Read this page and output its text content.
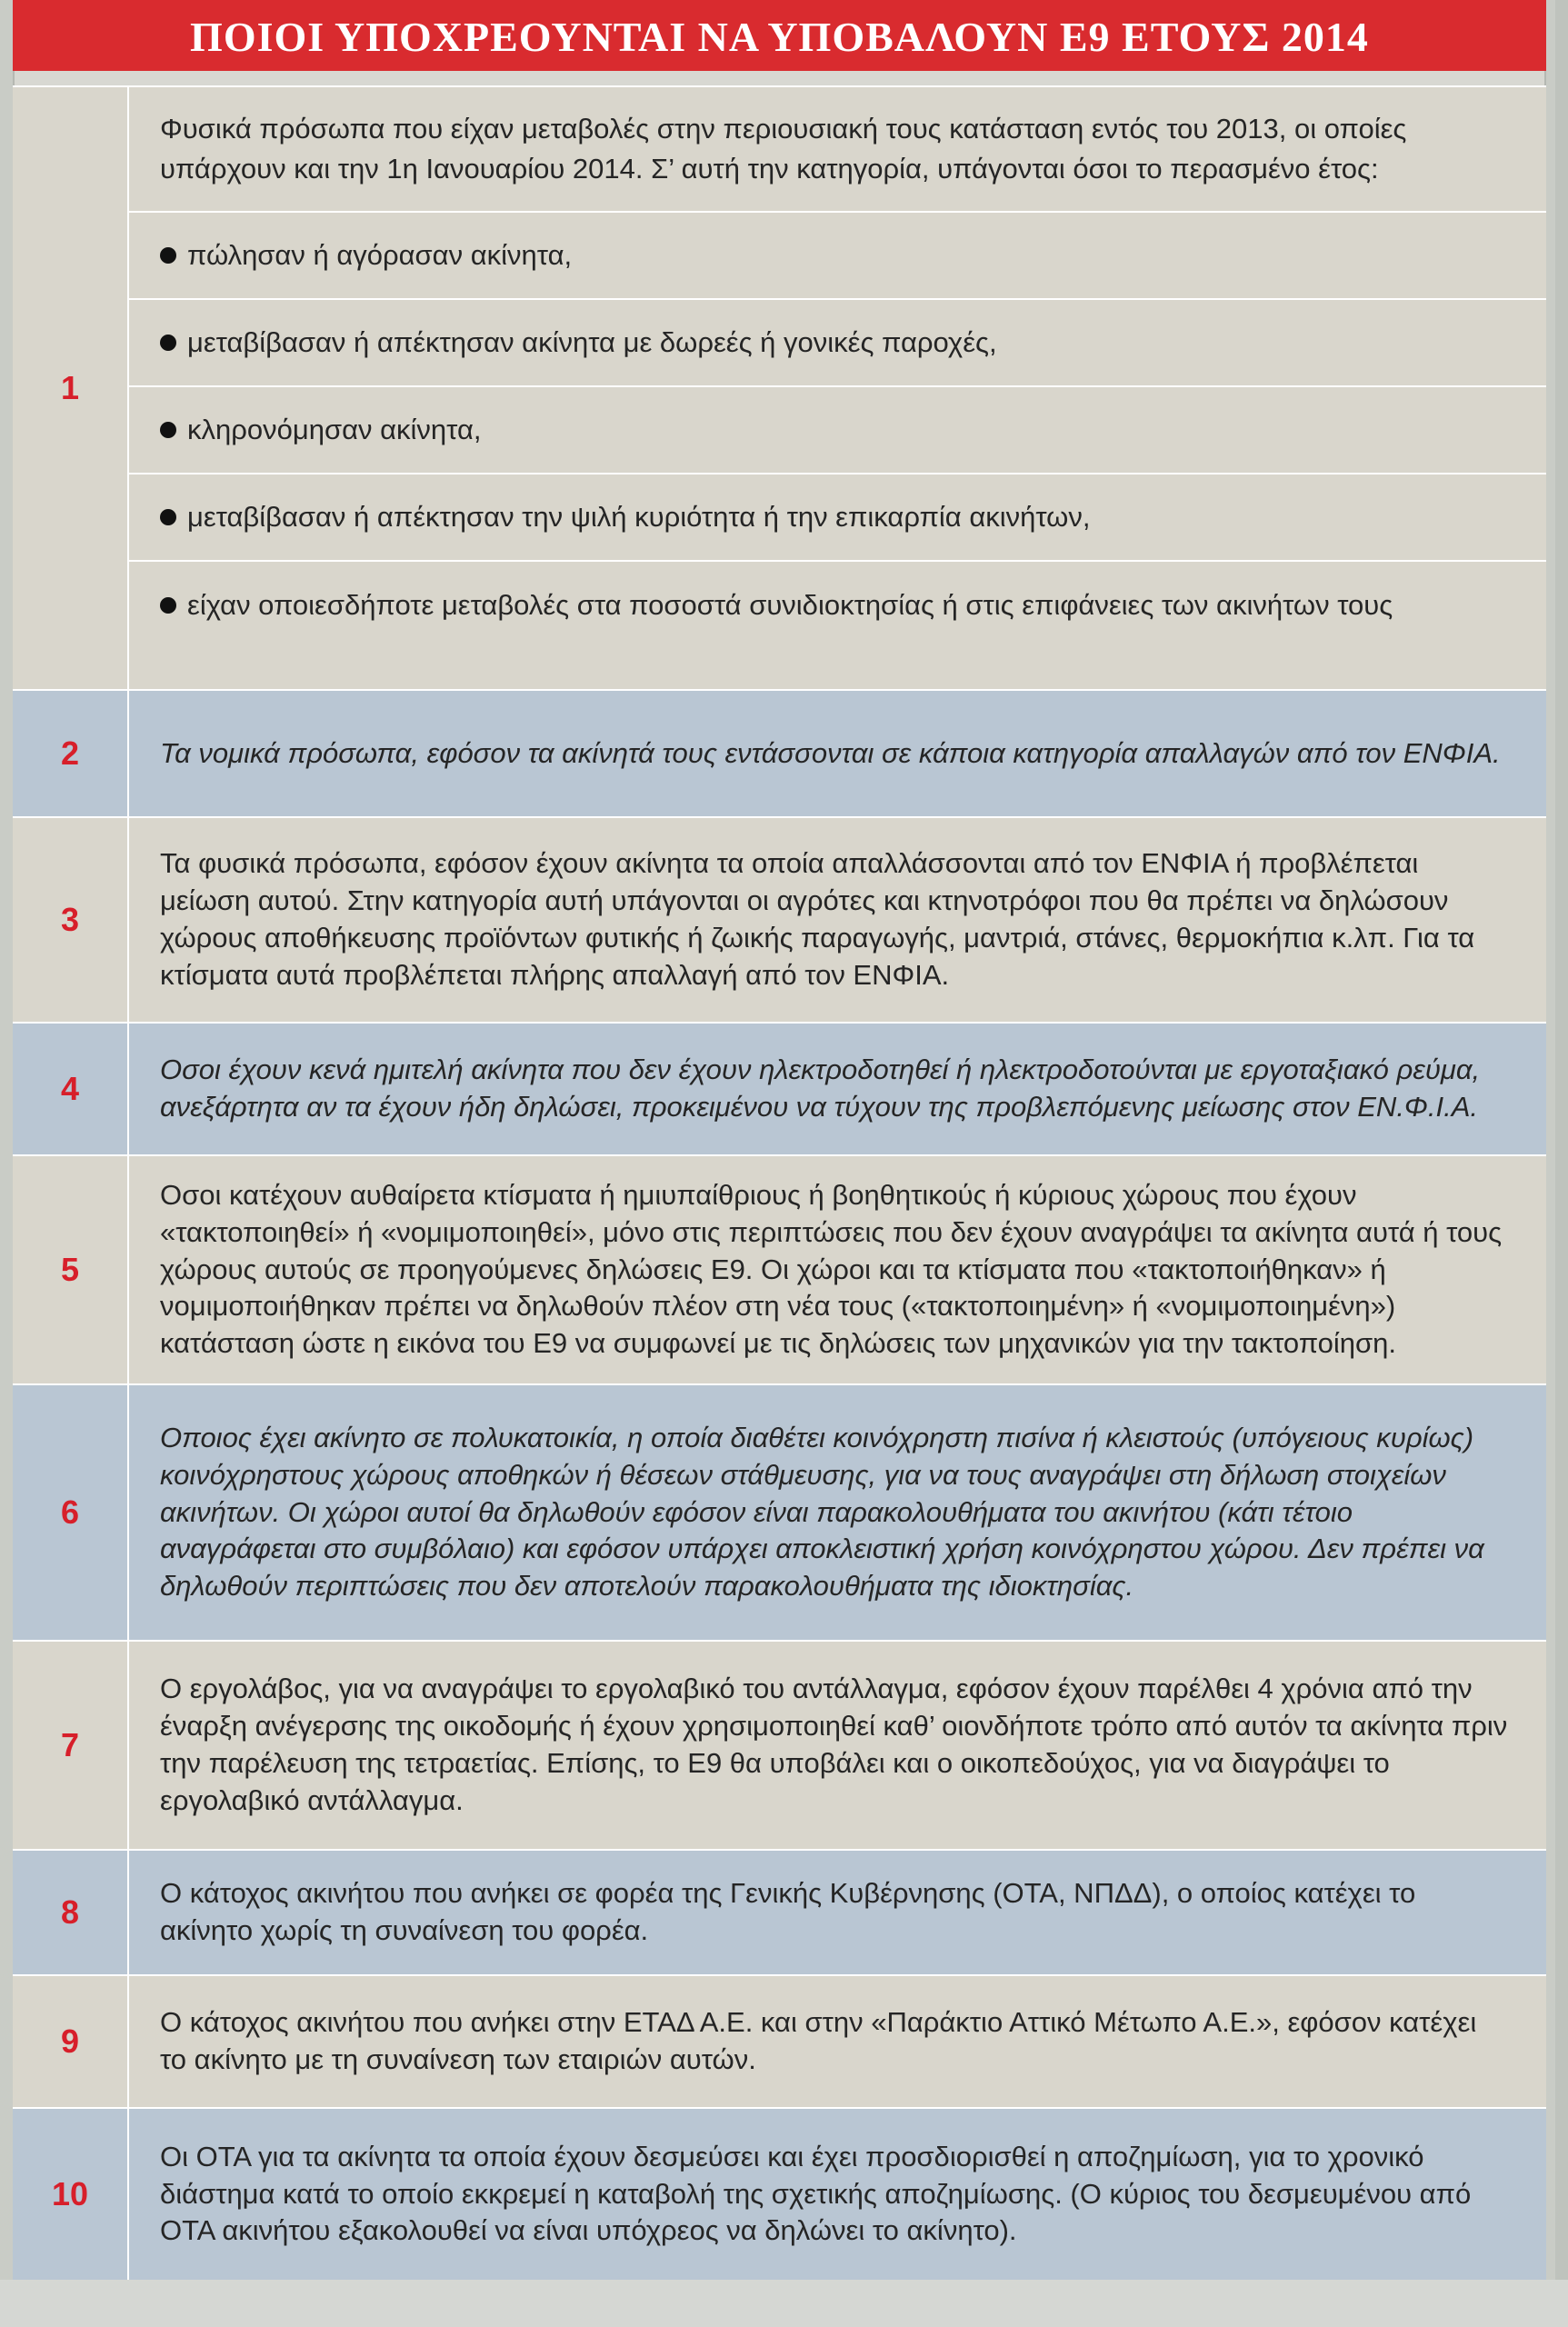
ΠΟΙΟΙ ΥΠΟΧΡΕΟΥΝΤΑΙ ΝΑ ΥΠΟΒΑΛΟΥΝ Ε9 ΕΤΟΥΣ 2014
1

Φυσικά πρόσωπα που είχαν μεταβολές στην περιουσιακή τους κατάσταση εντός του 2013, οι οποίες υπάρχουν και την 1η Ιανουαρίου 2014. Σ’ αυτή την κατηγορία, υπάγονται όσοι το περασμένο έτος:

πώλησαν ή αγόρασαν ακίνητα,
μεταβίβασαν ή απέκτησαν ακίνητα με δωρεές ή γονικές παροχές,
κληρονόμησαν ακίνητα,
μεταβίβασαν ή απέκτησαν την ψιλή κυριότητα ή την επικαρπία ακινήτων,
είχαν οποιεσδήποτε μεταβολές στα ποσοστά συνιδιοκτησίας ή στις επιφάνειες των ακινήτων τους
2	Τα νομικά πρόσωπα, εφόσον τα ακίνητά τους εντάσσονται σε κάποια κατηγορία απαλλαγών από τον ΕΝΦΙΑ.

3

Τα φυσικά πρόσωπα, εφόσον έχουν ακίνητα τα οποία απαλλάσσονται από τον ΕΝΦΙΑ ή προβλέπεται μείωση αυτού. Στην κατηγορία αυτή υπάγονται οι αγρότες και κτηνοτρόφοι που θα πρέπει να δηλώσουν χώρους αποθήκευσης προϊόντων φυτικής ή ζωικής παραγωγής, μαντριά, στάνες, θερμοκήπια κ.λπ. Για τα κτίσματα αυτά προβλέπεται πλήρης απαλλαγή από τον ΕΝΦΙΑ.

4

Οσοι έχουν κενά ημιτελή ακίνητα που δεν έχουν ηλεκτροδοτηθεί ή ηλεκτροδοτούνται με εργοταξιακό ρεύμα, ανεξάρτητα αν τα έχουν ήδη δηλώσει, προκειμένου να τύχουν της προβλεπόμενης μείωσης στον ΕΝ.Φ.Ι.Α.

5

Οσοι κατέχουν αυθαίρετα κτίσματα ή ημιυπαίθριους ή βοηθητικούς ή κύριους χώρους που έχουν «τακτοποιηθεί» ή «νομιμοποιηθεί», μόνο στις περιπτώσεις που δεν έχουν αναγράψει τα ακίνητα αυτά ή τους χώρους αυτούς σε προηγούμενες δηλώσεις Ε9. Οι χώροι και τα κτίσματα που «τακτοποιήθηκαν» ή νομιμοποιήθηκαν πρέπει να δηλωθούν πλέον στη νέα τους («τακτοποιημένη» ή «νομιμοποιημένη») κατάσταση ώστε η εικόνα του Ε9 να συμφωνεί με τις δηλώσεις των μηχανικών για την τακτοποίηση.

6

Οποιος έχει ακίνητο σε πολυκατοικία, η οποία διαθέτει κοινόχρηστη πισίνα ή κλειστούς (υπόγειους κυρίως) κοινόχρηστους χώρους αποθηκών ή θέσεων στάθμευσης, για να τους αναγράψει στη δήλωση στοιχείων ακινήτων. Οι χώροι αυτοί θα δηλωθούν εφόσον είναι παρακολουθήματα του ακινήτου (κάτι τέτοιο αναγράφεται στο συμβόλαιο) και εφόσον υπάρχει αποκλειστική χρήση κοινόχρηστου χώρου. Δεν πρέπει να δηλωθούν περιπτώσεις που δεν αποτελούν παρακολουθήματα της ιδιοκτησίας.

7

Ο εργολάβος, για να αναγράψει το εργολαβικό του αντάλλαγμα, εφόσον έχουν παρέλθει 4 χρόνια από την έναρξη ανέγερσης της οικοδομής ή έχουν χρησιμοποιηθεί καθ’ οιονδήποτε τρόπο από αυτόν τα ακίνητα πριν την παρέλευση της τετραετίας. Επίσης, το Ε9 θα υποβάλει και ο οικοπεδούχος, για να διαγράψει το εργολαβικό αντάλλαγμα.

8

Ο κάτοχος ακινήτου που ανήκει σε φορέα της Γενικής Κυβέρνησης (ΟΤΑ, ΝΠΔΔ), ο οποίος κατέχει το ακίνητο χωρίς τη συναίνεση του φορέα.

9

Ο κάτοχος ακινήτου που ανήκει στην ΕΤΑΔ Α.Ε. και στην «Παράκτιο Αττικό Μέτωπο Α.Ε.», εφόσον κατέχει το ακίνητο με τη συναίνεση των εταιριών αυτών.

10

Οι ΟΤΑ για τα ακίνητα τα οποία έχουν δεσμεύσει και έχει προσδιορισθεί η αποζημίωση, για το χρονικό διάστημα κατά το οποίο εκκρεμεί η καταβολή της σχετικής αποζημίωσης. (Ο κύριος του δεσμευμένου από ΟΤΑ ακινήτου εξακολουθεί να είναι υπόχρεος να δηλώνει το ακίνητο).
